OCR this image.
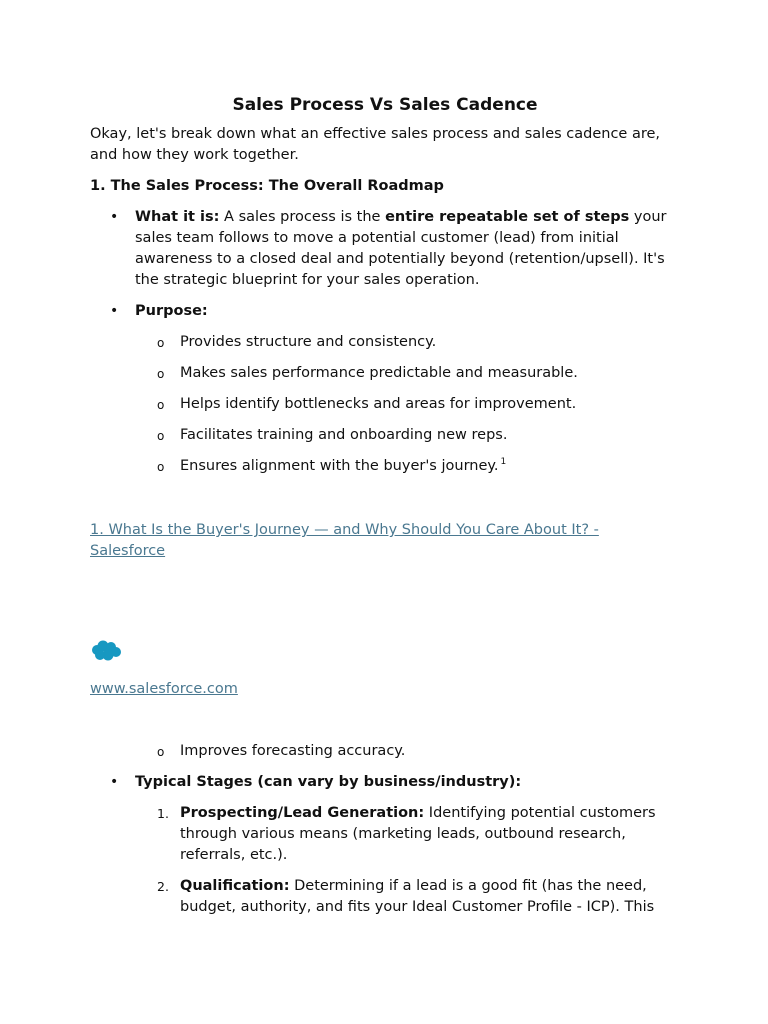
Sales Process Vs Sales Cadence

Okay, let's break down what an effective sales process and sales cadence are, and how they work together.

1. The Sales Process: The Overall Roadmap

• What it is: A sales process is the entire repeatable set of steps your sales team follows to move a potential customer (lead) from initial awareness to a closed deal and potentially beyond (retention/upsell). It's the strategic blueprint for your sales operation.
• Purpose:
o Provides structure and consistency.
o Makes sales performance predictable and measurable.
o Helps identify bottlenecks and areas for improvement.
o Facilitates training and onboarding new reps.
o Ensures alignment with the buyer's journey. $^1$
1. What Is the Buyer's Journey — and Why Should You Care About It? - Salesforce
www.salesforce.com
o Improves forecasting accuracy.
• Typical Stages (can vary by business/industry):
1. Prospecting/Lead Generation: Identifying potential customers through various means (marketing leads, outbound research, referrals, etc.).
2. Qualification: Determining if a lead is a good fit (has the need, budget, authority, and fits your Ideal Customer Profile - ICP). This
